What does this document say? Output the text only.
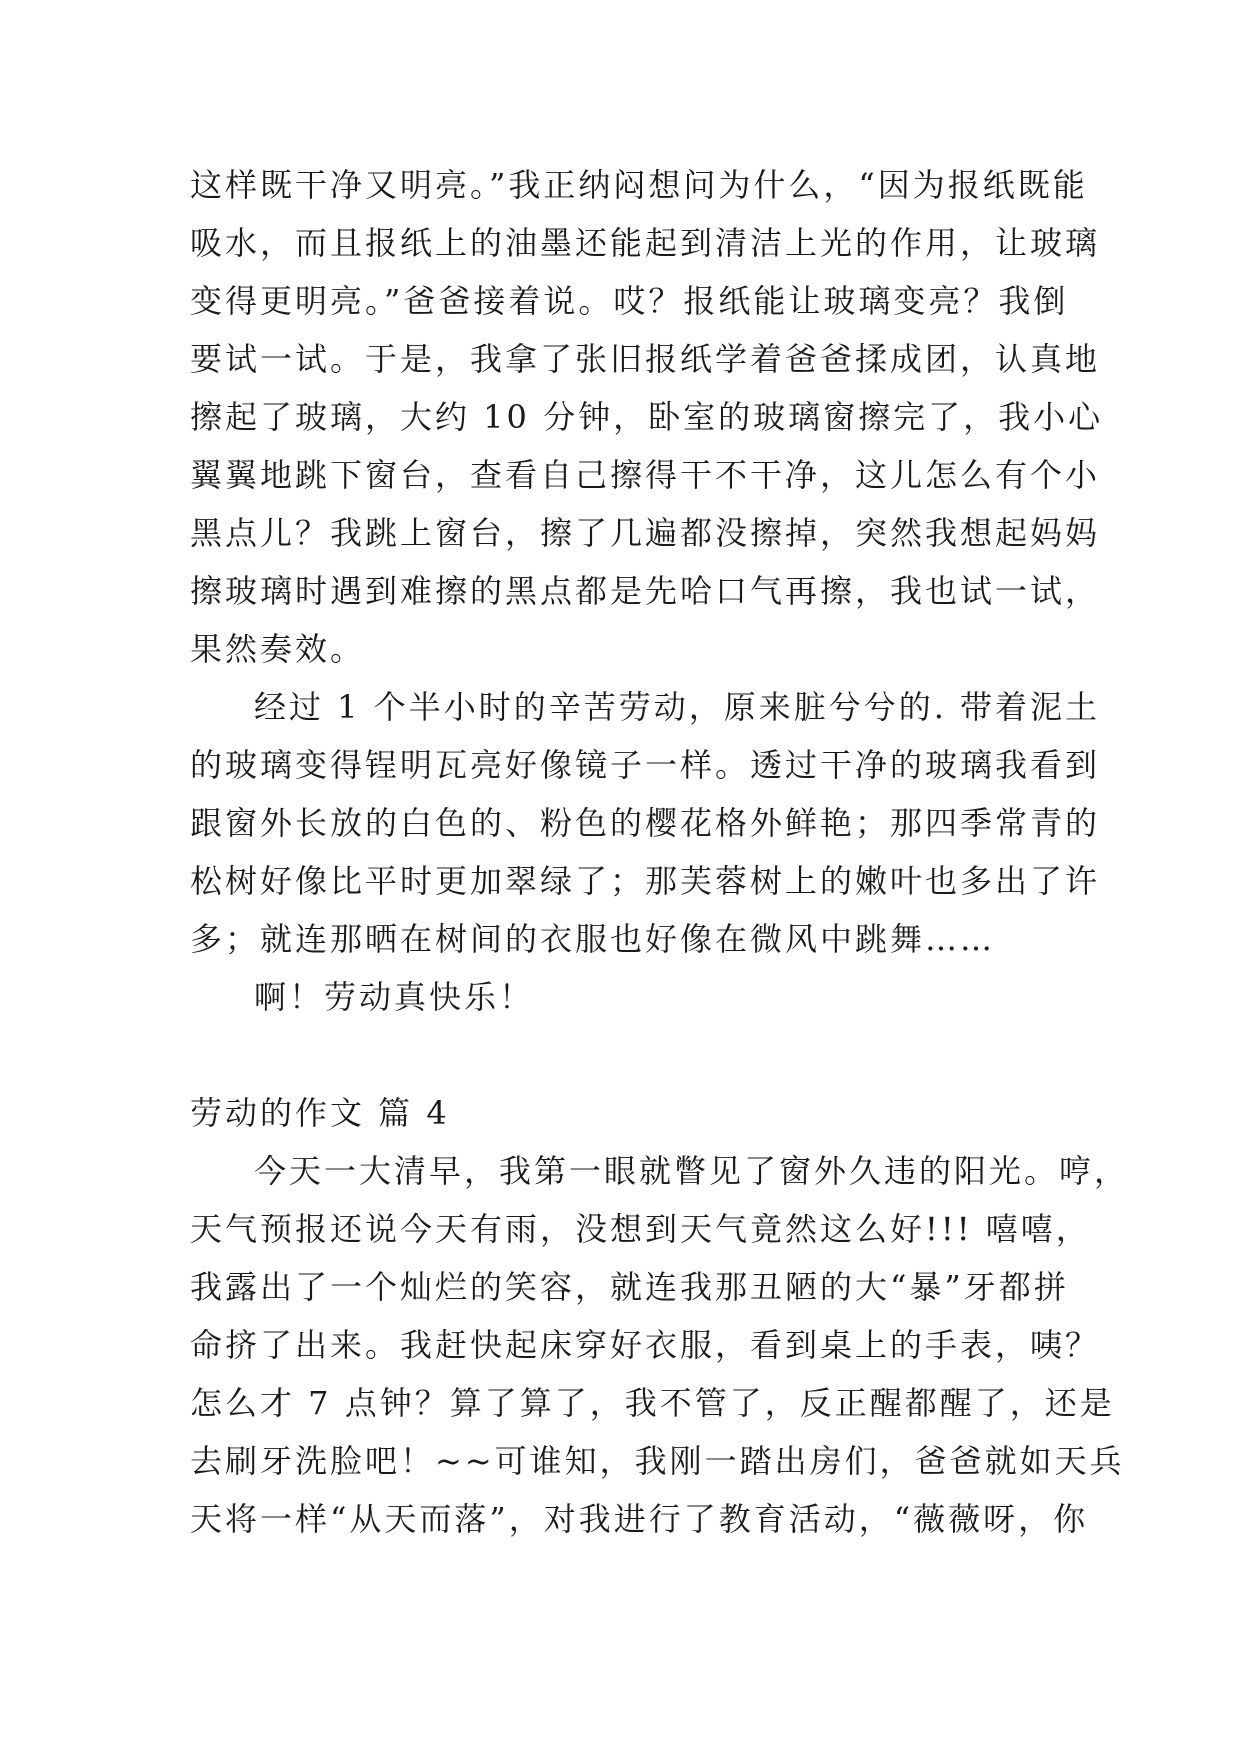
这样既干净又明亮。”我正纳闷想问为什么，“因为报纸既能
吸水，而且报纸上的油墨还能起到清洁上光的作用，让玻璃
变得更明亮。”爸爸接着说。哎？报纸能让玻璃变亮？我倒
要试一试。于是，我拿了张旧报纸学着爸爸揉成团，认真地
擦起了玻璃，大约 10 分钟，卧室的玻璃窗擦完了，我小心
翼翼地跳下窗台，查看自己擦得干不干净，这儿怎么有个小
黑点儿？我跳上窗台，擦了几遍都没擦掉，突然我想起妈妈
擦玻璃时遇到难擦的黑点都是先哈口气再擦，我也试一试，
果然奏效。
经过 1 个半小时的辛苦劳动，原来脏兮兮的. 带着泥土
的玻璃变得锃明瓦亮好像镜子一样。透过干净的玻璃我看到
跟窗外长放的白色的、粉色的樱花格外鲜艳；那四季常青的
松树好像比平时更加翠绿了；那芙蓉树上的嫩叶也多出了许
多；就连那晒在树间的衣服也好像在微风中跳舞……
啊！劳动真快乐！
劳动的作文 篇 4
今天一大清早，我第一眼就瞥见了窗外久违的阳光。哼，
天气预报还说今天有雨，没想到天气竟然这么好!!! 嘻嘻，
我露出了一个灿烂的笑容，就连我那丑陋的大“暴”牙都拼
命挤了出来。我赶快起床穿好衣服，看到桌上的手表，咦？
怎么才 7 点钟？算了算了，我不管了，反正醒都醒了，还是
去刷牙洗脸吧！~~可谁知，我刚一踏出房们，爸爸就如天兵
天将一样“从天而落”，对我进行了教育活动，“薇薇呀，你
